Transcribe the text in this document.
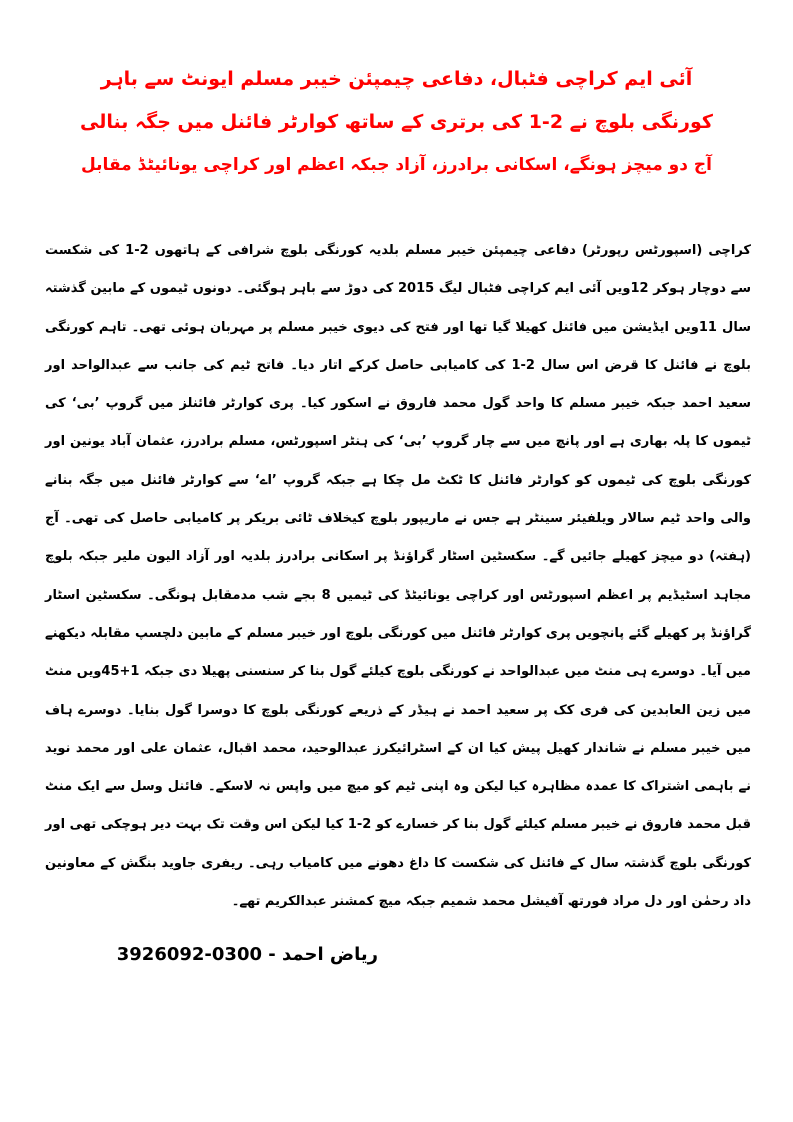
آئی ایم کراچی فٹبال، دفاعی چیمپئن خیبر مسلم ایونٹ سے باہر
کورنگی بلوچ نے 2-1 کی برتری کے ساتھ کوارٹر فائنل میں جگہ بنالی
آج دو میچز ہونگے، اسکانی برادرز، آزاد جبکہ اعظم اور کراچی یونائیٹڈ مقابل
کراچی (اسپورٹس رپورٹر) دفاعی چیمپئن خیبر مسلم بلدیہ کورنگی بلوچ شرافی کے ہاتھوں 2-1 کی شکست سے دوچار ہوکر 12ویں آئی ایم کراچی فٹبال لیگ 2015 کی دوڑ سے باہر ہوگئی۔ دونوں ٹیموں کے مابین گذشتہ سال 11ویں ایڈیشن میں فائنل کھیلا گیا تھا اور فتح کی دیوی خیبر مسلم پر مہربان ہوئی تھی۔ تاہم کورنگی بلوچ نے فائنل کا قرض اس سال 2-1 کی کامیابی حاصل کرکے اتار دیا۔ فاتح ٹیم کی جانب سے عبدالواحد اور سعید احمد جبکہ خیبر مسلم کا واحد گول محمد فاروق نے اسکور کیا۔ پری کوارٹر فائنلز میں گروپ ’بی‘ کی ٹیموں کا پلہ بھاری ہے اور پانچ میں سے چار گروپ ’بی‘ کی ہنٹر اسپورٹس، مسلم برادرز، عثمان آباد یونین اور کورنگی بلوچ کی ٹیموں کو کوارٹر فائنل کا ٹکٹ مل چکا ہے جبکہ گروپ ’اے‘ سے کوارٹر فائنل میں جگہ بنانے والی واحد ٹیم سالار ویلفیئر سینٹر ہے جس نے ماریپور بلوچ کیخلاف ٹائی بریکر پر کامیابی حاصل کی تھی۔ آج (ہفتہ) دو میچز کھیلے جائیں گے۔ سکسٹین اسٹار گراؤنڈ پر اسکانی برادرز بلدیہ اور آزاد الیون ملیر جبکہ بلوچ مجاہد اسٹیڈیم پر اعظم اسپورٹس اور کراچی یونائیٹڈ کی ٹیمیں 8 بجے شب مدمقابل ہونگی۔ سکسٹین اسٹار گراؤنڈ پر کھیلے گئے پانچویں پری کوارٹر فائنل میں کورنگی بلوچ اور خیبر مسلم کے مابین دلچسپ مقابلہ دیکھنے میں آیا۔ دوسرے ہی منٹ میں عبدالواحد نے کورنگی بلوچ کیلئے گول بنا کر سنسنی پھیلا دی جبکہ 1+45ویں منٹ میں زین العابدین کی فری کک پر سعید احمد نے ہیڈر کے ذریعے کورنگی بلوچ کا دوسرا گول بنایا۔ دوسرے ہاف میں خیبر مسلم نے شاندار کھیل پیش کیا ان کے اسٹرائیکرز عبدالوحید، محمد اقبال، عثمان علی اور محمد نوید نے باہمی اشتراک کا عمدہ مظاہرہ کیا لیکن وہ اپنی ٹیم کو میچ میں واپس نہ لاسکے۔ فائنل وسل سے ایک منٹ قبل محمد فاروق نے خیبر مسلم کیلئے گول بنا کر خسارے کو 2-1 کیا لیکن اس وقت تک بہت دیر ہوچکی تھی اور کورنگی بلوچ گذشتہ سال کے فائنل کی شکست کا داغ دھونے میں کامیاب رہی۔ ریفری جاوید بنگش کے معاونین داد رحمٰن اور دل مراد فورتھ آفیشل محمد شمیم جبکہ میچ کمشنر عبدالکریم تھے۔
ریاض احمد - 0300-3926092
